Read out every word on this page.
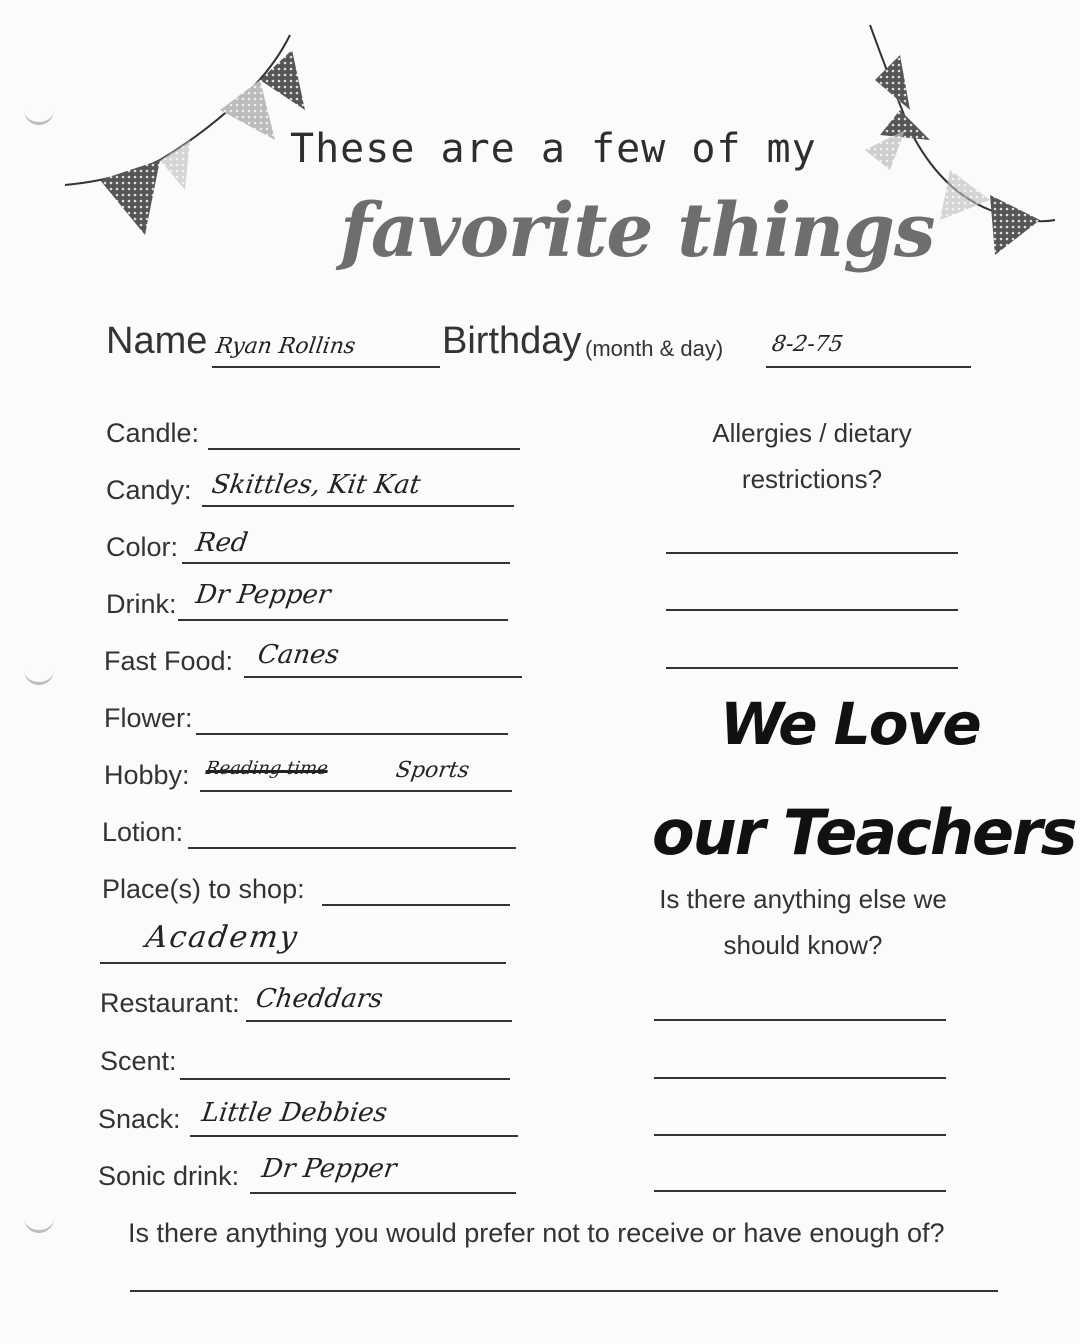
These are a few of my
favorite things
Name Ryan Rollins Birthday (month & day) 8-2-75
Candle:
Candy: Skittles, Kit Kat
Color: Red
Drink: Dr Pepper
Fast Food: Canes
Flower:
Hobby: Reading time	Sports
Lotion:
Place(s) to shop:
Academy
Restaurant: Cheddars
Scent:
Snack: Little Debbies
Sonic drink: Dr Pepper
Allergies / dietary
restrictions?
We Love
our Teachers
Is there anything else we
should know?
Is there anything you would prefer not to receive or have enough of?
